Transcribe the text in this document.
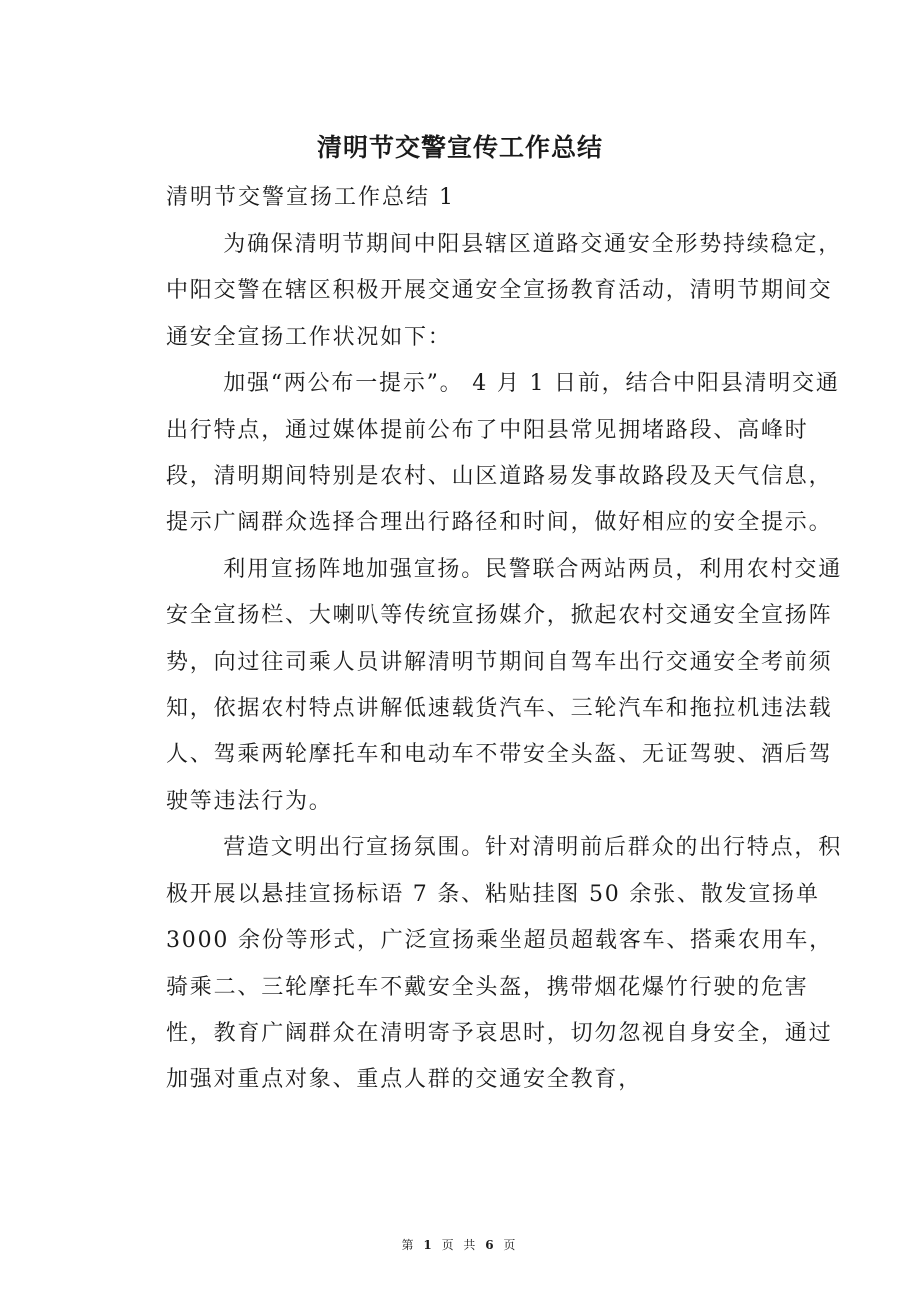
清明节交警宣传工作总结

清明节交警宣扬工作总结 1

为确保清明节期间中阳县辖区道路交通安全形势持续稳定，中阳交警在辖区积极开展交通安全宣扬教育活动，清明节期间交通安全宣扬工作状况如下：

加强“两公布一提示”。 4 月 1 日前，结合中阳县清明交通出行特点，通过媒体提前公布了中阳县常见拥堵路段、高峰时段，清明期间特别是农村、山区道路易发事故路段及天气信息，提示广阔群众选择合理出行路径和时间，做好相应的安全提示。

利用宣扬阵地加强宣扬。民警联合两站两员，利用农村交通安全宣扬栏、大喇叭等传统宣扬媒介，掀起农村交通安全宣扬阵势，向过往司乘人员讲解清明节期间自驾车出行交通安全考前须知，依据农村特点讲解低速载货汽车、三轮汽车和拖拉机违法载人、驾乘两轮摩托车和电动车不带安全头盔、无证驾驶、酒后驾驶等违法行为。

营造文明出行宣扬氛围。针对清明前后群众的出行特点，积极开展以悬挂宣扬标语 7 条、粘贴挂图 50 余张、散发宣扬单 3000 余份等形式，广泛宣扬乘坐超员超载客车、搭乘农用车，骑乘二、三轮摩托车不戴安全头盔，携带烟花爆竹行驶的危害性，教育广阔群众在清明寄予哀思时，切勿忽视自身安全，通过加强对重点对象、重点人群的交通安全教育，

第 1 页 共 6 页
